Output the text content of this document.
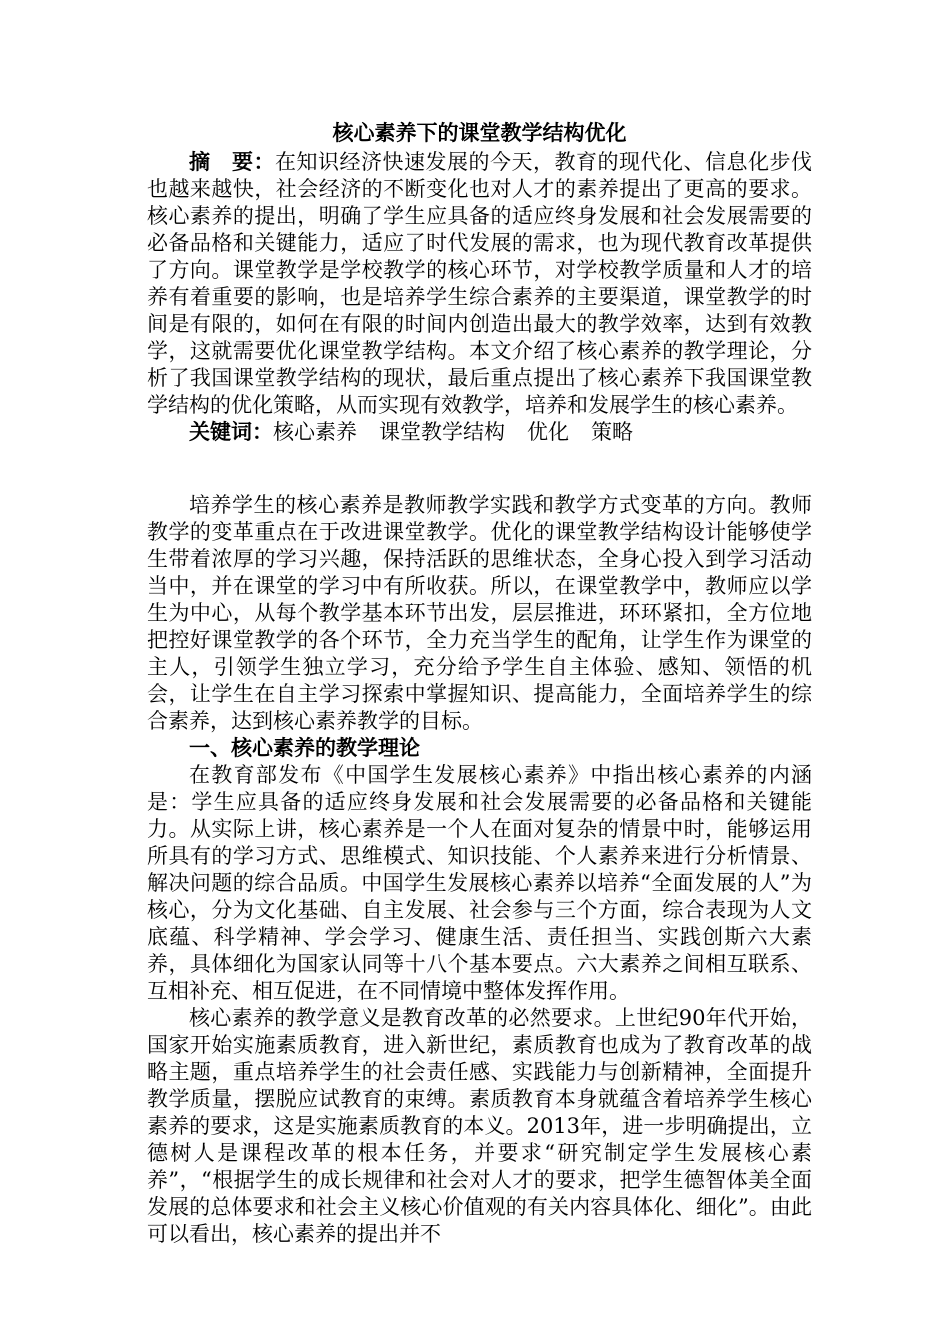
核心素养下的课堂教学结构优化

摘　要：在知识经济快速发展的今天，教育的现代化、信息化步伐也越来越快，社会经济的不断变化也对人才的素养提出了更高的要求。核心素养的提出，明确了学生应具备的适应终身发展和社会发展需要的必备品格和关键能力，适应了时代发展的需求，也为现代教育改革提供了方向。课堂教学是学校教学的核心环节，对学校教学质量和人才的培养有着重要的影响，也是培养学生综合素养的主要渠道，课堂教学的时间是有限的，如何在有限的时间内创造出最大的教学效率，达到有效教学，这就需要优化课堂教学结构。本文介绍了核心素养的教学理论，分析了我国课堂教学结构的现状，最后重点提出了核心素养下我国课堂教学结构的优化策略，从而实现有效教学，培养和发展学生的核心素养。

关键词：核心素养 课堂教学结构 优化 策略

培养学生的核心素养是教师教学实践和教学方式变革的方向。教师教学的变革重点在于改进课堂教学。优化的课堂教学结构设计能够使学生带着浓厚的学习兴趣，保持活跃的思维状态，全身心投入到学习活动当中，并在课堂的学习中有所收获。所以，在课堂教学中，教师应以学生为中心，从每个教学基本环节出发，层层推进，环环紧扣，全方位地把控好课堂教学的各个环节，全力充当学生的配角，让学生作为课堂的主人，引领学生独立学习，充分给予学生自主体验、感知、领悟的机会，让学生在自主学习探索中掌握知识、提高能力，全面培养学生的综合素养，达到核心素养教学的目标。

一、核心素养的教学理论

在教育部发布《中国学生发展核心素养》中指出核心素养的内涵是：学生应具备的适应终身发展和社会发展需要的必备品格和关键能力。从实际上讲，核心素养是一个人在面对复杂的情景中时，能够运用所具有的学习方式、思维模式、知识技能、个人素养来进行分析情景、解决问题的综合品质。中国学生发展核心素养以培养“全面发展的人”为核心，分为文化基础、自主发展、社会参与三个方面，综合表现为人文底蕴、科学精神、学会学习、健康生活、责任担当、实践创斯六大素养，具体细化为国家认同等十八个基本要点。六大素养之间相互联系、互相补充、相互促进，在不同情境中整体发挥作用。

核心素养的教学意义是教育改革的必然要求。上世纪90年代开始，国家开始实施素质教育，进入新世纪，素质教育也成为了教育改革的战略主题，重点培养学生的社会责任感、实践能力与创新精神，全面提升教学质量，摆脱应试教育的束缚。素质教育本身就蕴含着培养学生核心素养的要求，这是实施素质教育的本义。2013年，进一步明确提出，立德树人是课程改革的根本任务，并要求“研究制定学生发展核心素养”，“根据学生的成长规律和社会对人才的要求，把学生德智体美全面发展的总体要求和社会主义核心价值观的有关内容具体化、细化”。由此可以看出，核心素养的提出并不
